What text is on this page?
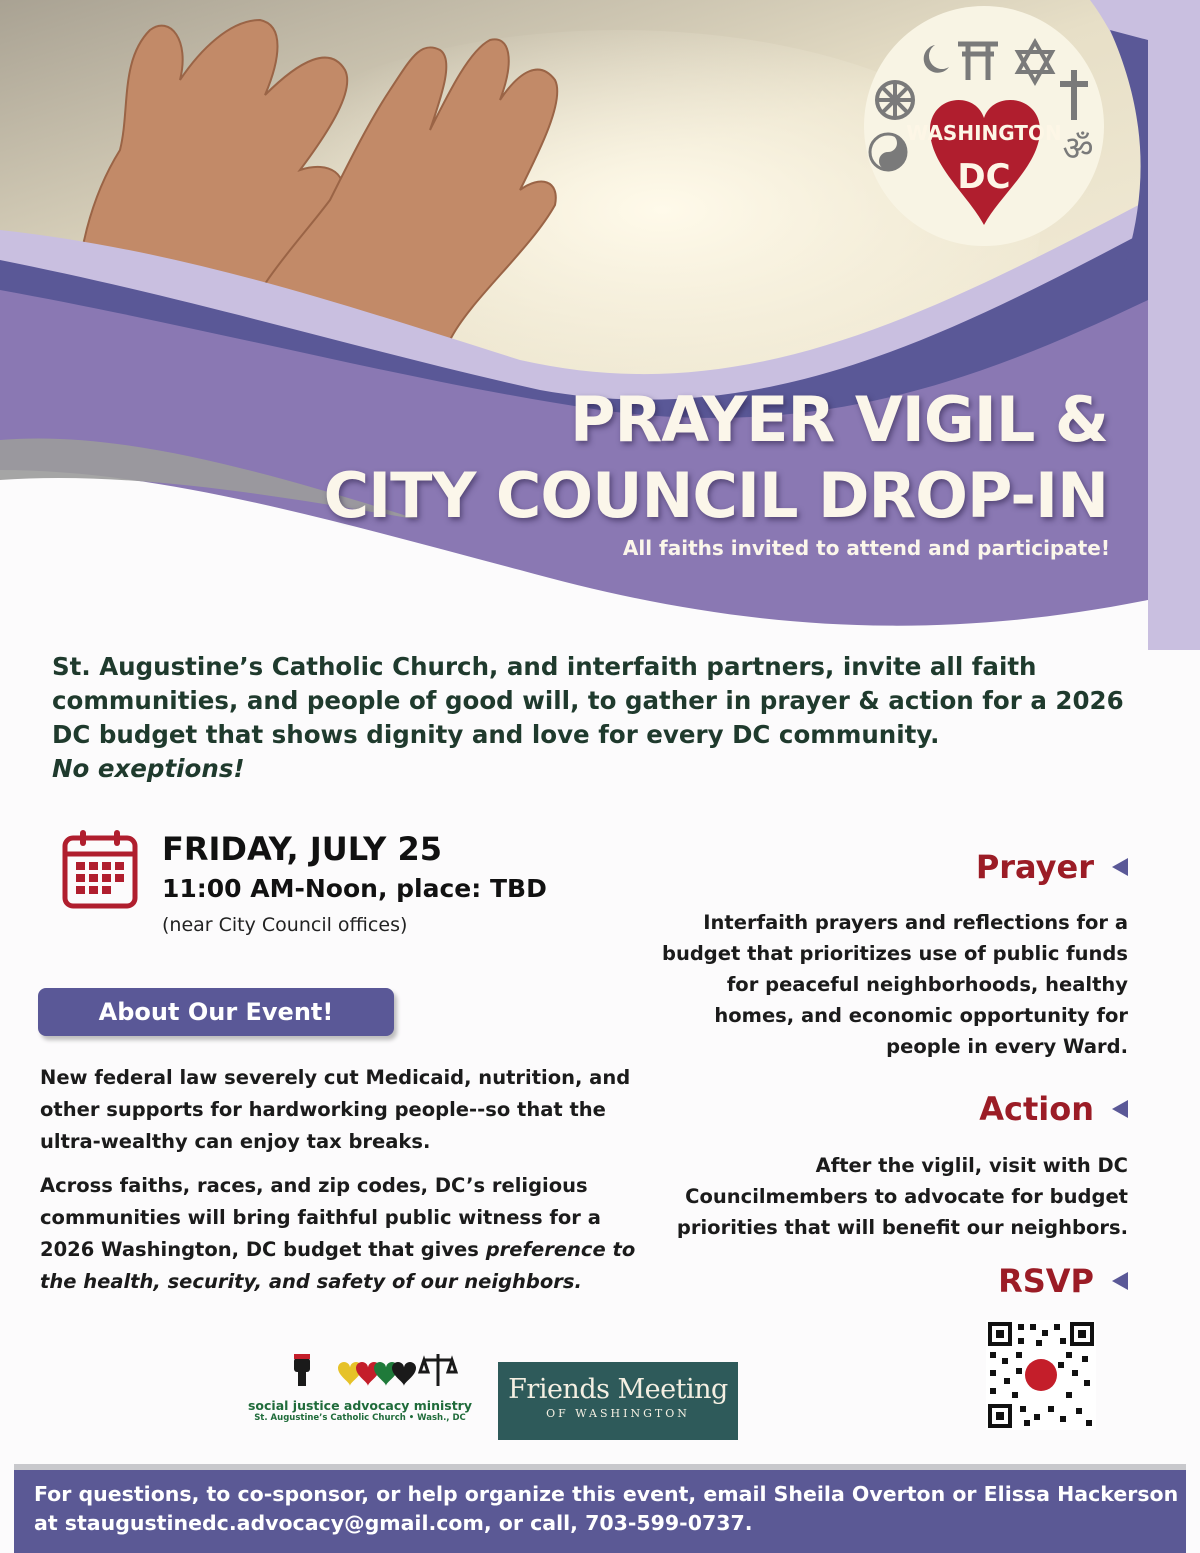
WASHINGTON
DC
ॐ
PRAYER VIGIL &
CITY COUNCIL DROP-IN
All faiths invited to attend and participate!
St. Augustine’s Catholic Church, and interfaith partners, invite all faith communities, and people of good will, to gather in prayer & action for a 2026 DC budget that shows dignity and love for every DC community.
No exeptions!
FRIDAY, JULY 25
11:00 AM-Noon, place: TBD
(near City Council offices)
About Our Event!

New federal law severely cut Medicaid, nutrition, and other supports for hardworking people--so that the ultra-wealthy can enjoy tax breaks.

Across faiths, races, and zip codes, DC’s religious communities will bring faithful public witness for a 2026 Washington, DC budget that gives preference to the health, security, and safety of our neighbors.

Prayer
Interfaith prayers and reflections for a budget that prioritizes use of public funds for peaceful neighborhoods, healthy homes, and economic opportunity for people in every Ward.
Action
After the viglil, visit with DC Councilmembers to advocate for budget priorities that will benefit our neighbors.
RSVP
social justice advocacy ministry
St. Augustine’s Catholic Church • Wash., DC
Friends Meeting
OF WASHINGTON
For questions, to co-sponsor, or help organize this event, email Sheila Overton or Elissa Hackerson at staugustinedc.advocacy@gmail.com, or call, 703-599-0737.
